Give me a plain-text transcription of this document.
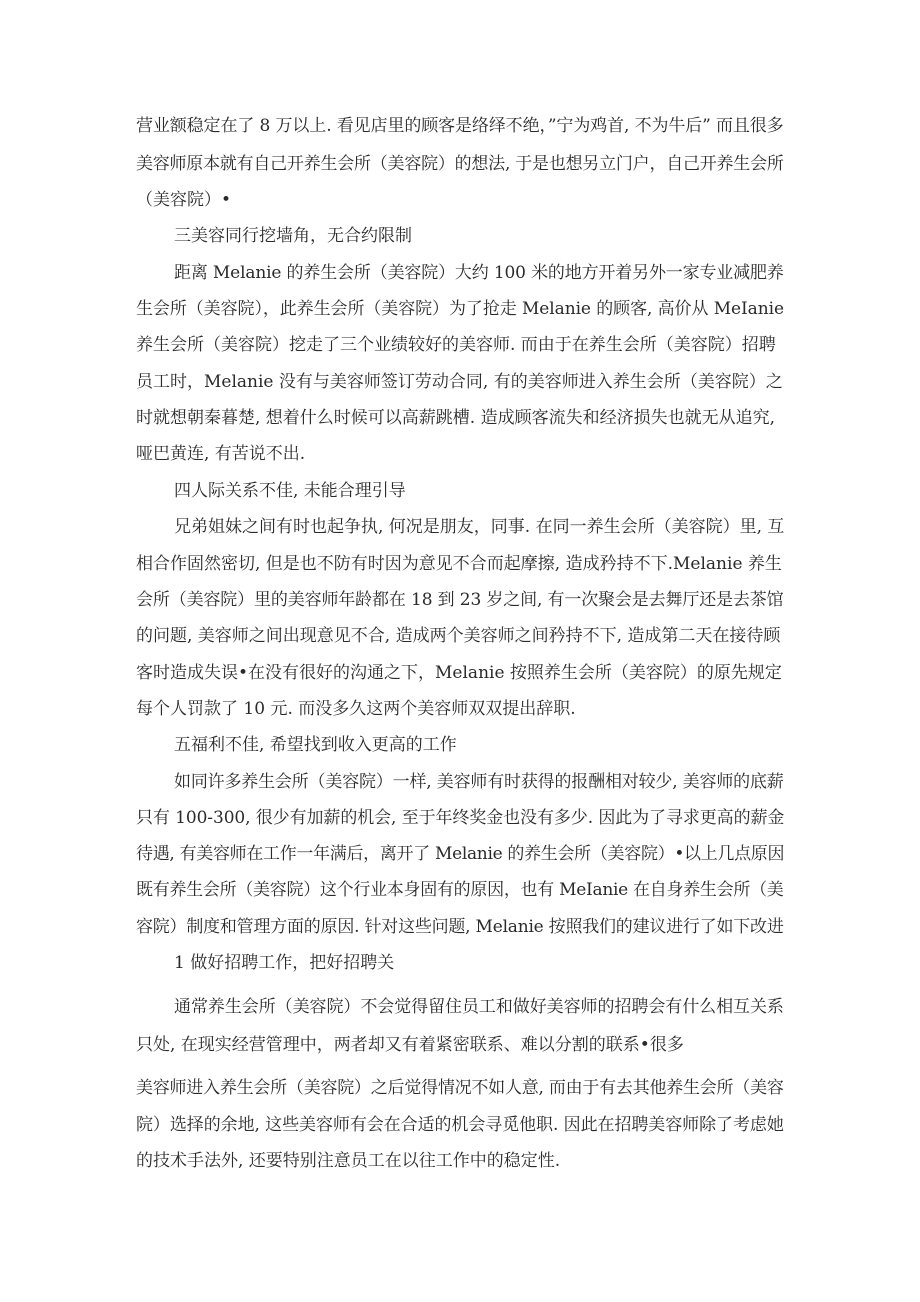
营业额稳定在了 8 万以上. 看见店里的顾客是络绎不绝，”宁为鸡首, 不为牛后” 而且很多
美容师原本就有自己开养生会所（美容院）的想法, 于是也想另立门户，自己开养生会所
（美容院）•
三美容同行挖墙角，无合约限制
距离 Melanie 的养生会所（美容院）大约 100 米的地方开着另外一家专业减肥养
生会所（美容院），此养生会所（美容院）为了抢走 Melanie 的顾客, 高价从 MeIanie
养生会所（美容院）挖走了三个业绩较好的美容师. 而由于在养生会所（美容院）招聘
员工时，Melanie 没有与美容师签订劳动合同, 有的美容师进入养生会所（美容院）之
时就想朝秦暮楚, 想着什么时候可以高薪跳槽. 造成顾客流失和经济损失也就无从追究,
哑巴黄连, 有苦说不出.
四人际关系不佳, 未能合理引导
兄弟姐妹之间有时也起争执, 何况是朋友，同事. 在同一养生会所（美容院）里, 互
相合作固然密切, 但是也不防有时因为意见不合而起摩擦, 造成矜持不下.Melanie 养生
会所（美容院）里的美容师年龄都在 18 到 23 岁之间, 有一次聚会是去舞厅还是去茶馆
的问题, 美容师之间出现意见不合, 造成两个美容师之间矜持不下, 造成第二天在接待顾
客时造成失误•在没有很好的沟通之下，Melanie 按照养生会所（美容院）的原先规定
每个人罚款了 10 元. 而没多久这两个美容师双双提出辞职.
五福利不佳, 希望找到收入更高的工作
如同许多养生会所（美容院）一样, 美容师有时获得的报酬相对较少, 美容师的底薪
只有 100-300, 很少有加薪的机会, 至于年终奖金也没有多少. 因此为了寻求更高的薪金
待遇, 有美容师在工作一年满后，离开了 Melanie 的养生会所（美容院）•以上几点原因
既有养生会所（美容院）这个行业本身固有的原因，也有 MeIanie 在自身养生会所（美
容院）制度和管理方面的原因. 针对这些问题, Melanie 按照我们的建议进行了如下改进
1 做好招聘工作，把好招聘关
通常养生会所（美容院）不会觉得留住员工和做好美容师的招聘会有什么相互关系
只处, 在现实经营管理中，两者却又有着紧密联系、难以分割的联系•很多
美容师进入养生会所（美容院）之后觉得情况不如人意, 而由于有去其他养生会所（美容
院）选择的余地, 这些美容师有会在合适的机会寻觅他职. 因此在招聘美容师除了考虑她
的技术手法外, 还要特别注意员工在以往工作中的稳定性.
